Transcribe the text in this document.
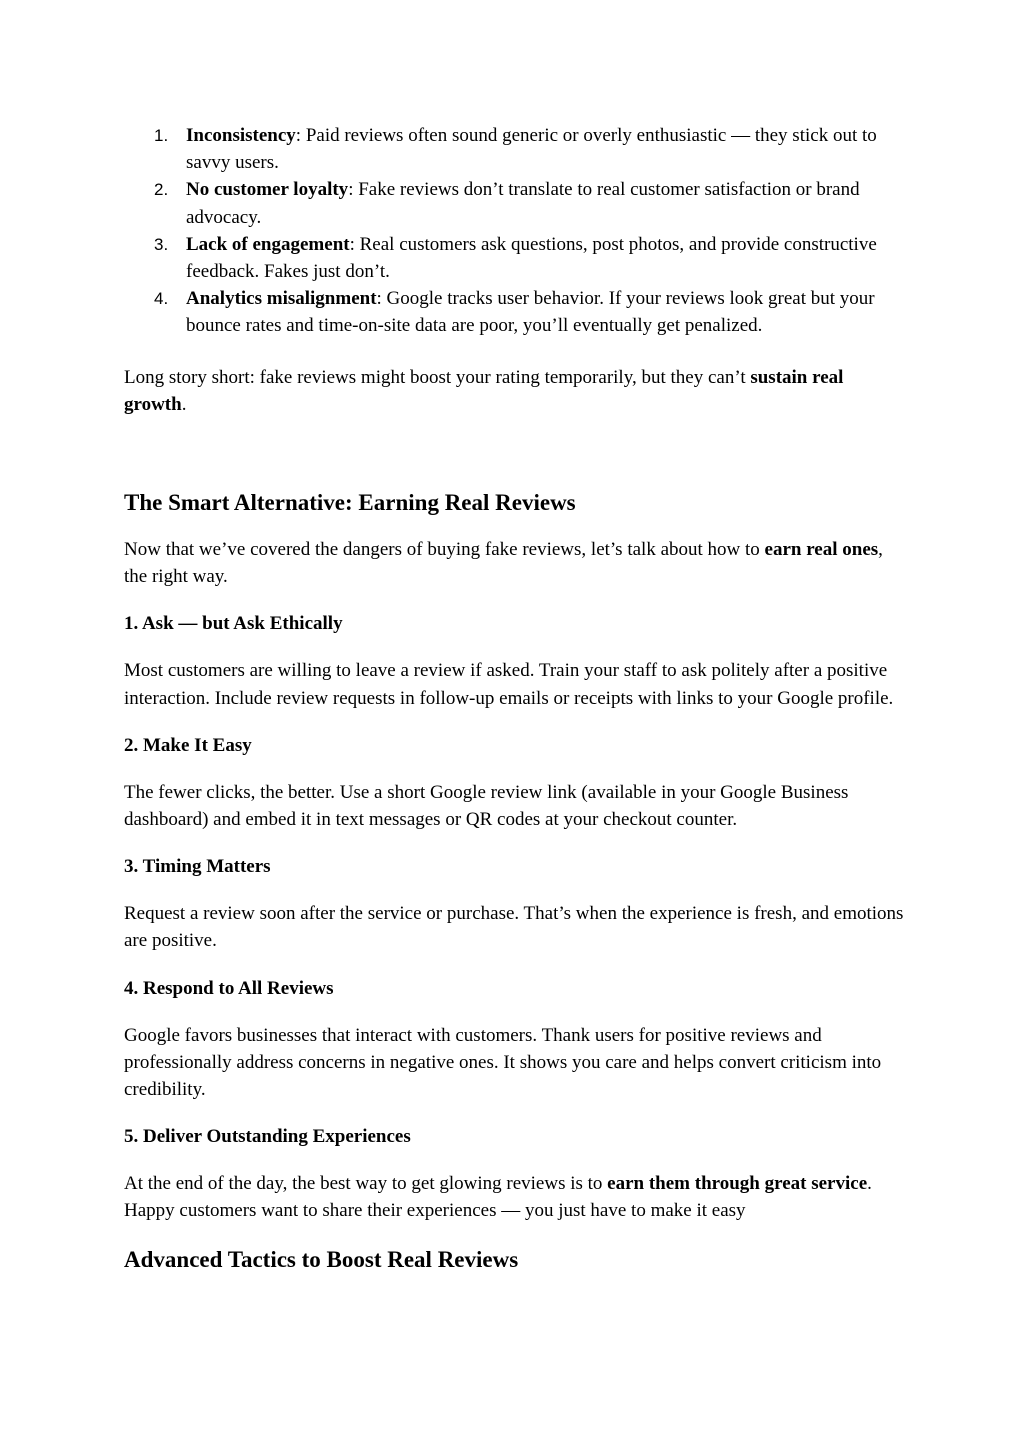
1. Inconsistency: Paid reviews often sound generic or overly enthusiastic — they stick out to savvy users.
2. No customer loyalty: Fake reviews don’t translate to real customer satisfaction or brand advocacy.
3. Lack of engagement: Real customers ask questions, post photos, and provide constructive feedback. Fakes just don’t.
4. Analytics misalignment: Google tracks user behavior. If your reviews look great but your bounce rates and time-on-site data are poor, you’ll eventually get penalized.

Long story short: fake reviews might boost your rating temporarily, but they can’t sustain real growth.

The Smart Alternative: Earning Real Reviews

Now that we’ve covered the dangers of buying fake reviews, let’s talk about how to earn real ones, the right way.

1. Ask — but Ask Ethically

Most customers are willing to leave a review if asked. Train your staff to ask politely after a positive interaction. Include review requests in follow-up emails or receipts with links to your Google profile.

2. Make It Easy

The fewer clicks, the better. Use a short Google review link (available in your Google Business dashboard) and embed it in text messages or QR codes at your checkout counter.

3. Timing Matters

Request a review soon after the service or purchase. That’s when the experience is fresh, and emotions are positive.

4. Respond to All Reviews

Google favors businesses that interact with customers. Thank users for positive reviews and professionally address concerns in negative ones. It shows you care and helps convert criticism into credibility.

5. Deliver Outstanding Experiences

At the end of the day, the best way to get glowing reviews is to earn them through great service. Happy customers want to share their experiences — you just have to make it easy

Advanced Tactics to Boost Real Reviews
